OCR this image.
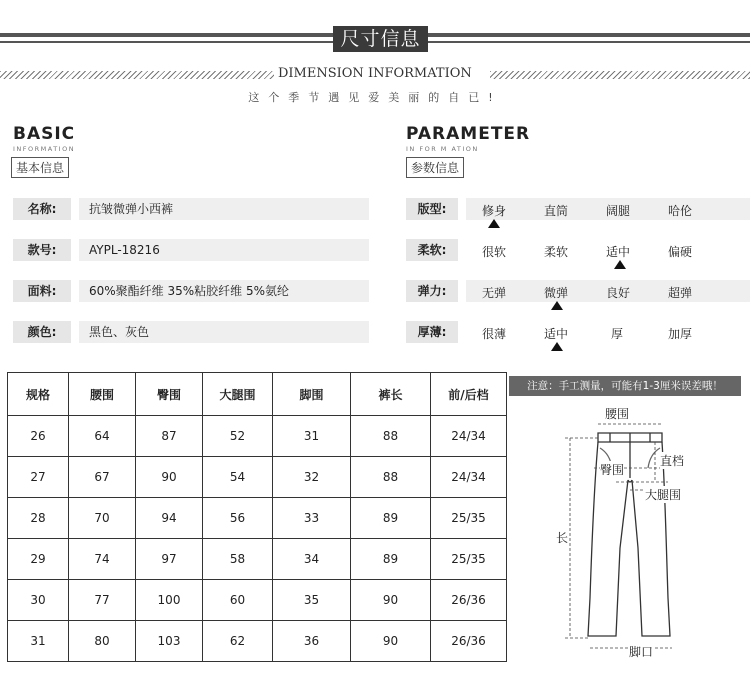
尺寸信息
DIMENSION INFORMATION
这个季节遇见爱美丽的自已!
BASIC
INFORMATION
基本信息
PARAMETER
IN FOR M ATION
参数信息
名称:	抗皱微弹小西裤
款号:	AYPL-18216
面料:	60%聚酯纤维 35%粘胶纤维 5%氨纶
颜色:	黑色、灰色
版型:	修身	直筒	阔腿	哈伦
柔软:	很软	柔软	适中	偏硬
弹力:	无弹	微弹	良好	超弹
厚薄:	很薄	适中	厚	加厚
规格	腰围	臀围	大腿围	脚围	裤长	前/后档
26	64	87	52	31	88	24/34
27	67	90	54	32	88	24/34
28	70	94	56	33	89	25/35
29	74	97	58	34	89	25/35
30	77	100	60	35	90	26/36
31	80	103	62	36	90	26/36
注意：手工测量，可能有1-3厘米误差哦！
腰围
臀围
直档
大腿围
长
脚口
